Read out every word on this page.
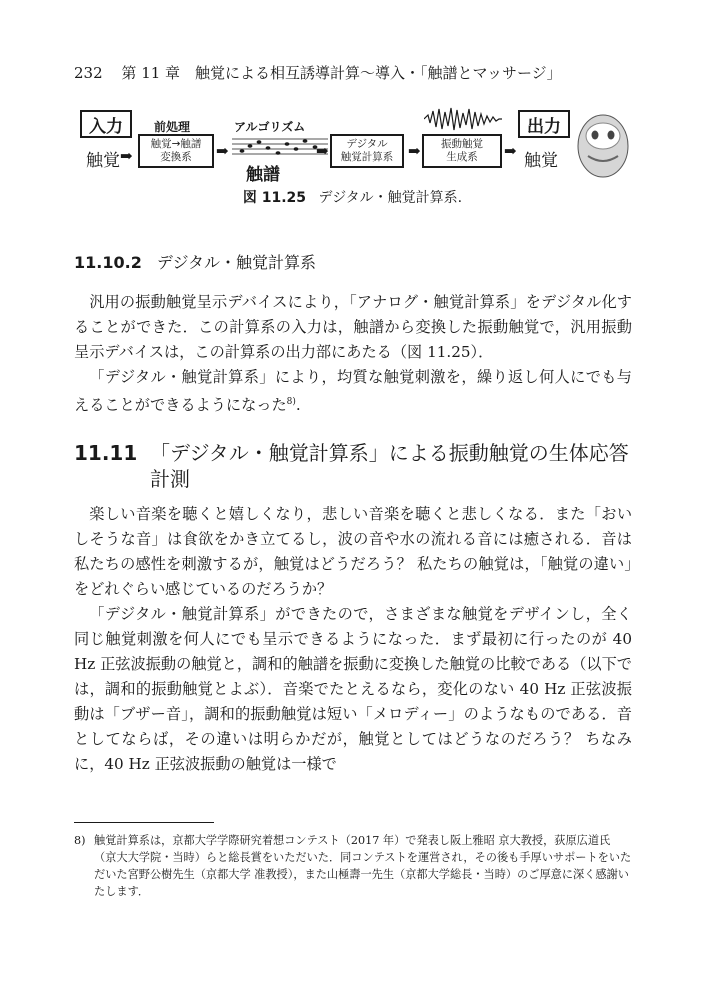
232 第 11 章　触覚による相互誘導計算～導入・「触譜とマッサージ」
入力
触覚 ➡
前処理
触覚→触譜
変換系	➡
アルゴリズム
触譜
➡	デジタル
触覚計算系 ➡ 振動触覚
生成系	➡
出力
触覚
図 11.25 デジタル・触覚計算系.
11.10.2 デジタル・触覚計算系

汎用の振動触覚呈示デバイスにより，「アナログ・触覚計算系」をデジタル化することができた．この計算系の入力は，触譜から変換した振動触覚で，汎用振動呈示デバイスは，この計算系の出力部にあたる（図 11.25）．

「デジタル・触覚計算系」により，均質な触覚刺激を，繰り返し何人にでも与えることができるようになった$^{8)}$.

11.11 「デジタル・触覚計算系」による振動触覚の生体応答計測

楽しい音楽を聴くと嬉しくなり，悲しい音楽を聴くと悲しくなる．また「おいしそうな音」は食欲をかき立てるし，波の音や水の流れる音には癒される．音は私たちの感性を刺激するが，触覚はどうだろう？ 私たちの触覚は，「触覚の違い」をどれぐらい感じているのだろうか？

「デジタル・触覚計算系」ができたので，さまざまな触覚をデザインし，全く同じ触覚刺激を何人にでも呈示できるようになった．まず最初に行ったのが 40 Hz 正弦波振動の触覚と，調和的触譜を振動に変換した触覚の比較である（以下では，調和的振動触覚とよぶ）．音楽でたとえるなら，変化のない 40 Hz 正弦波振動は「ブザー音」，調和的振動触覚は短い「メロディー」のようなものである．音としてならば，その違いは明らかだが，触覚としてはどうなのだろう？ ちなみに，40 Hz 正弦波振動の触覚は一様で

8) 触覚計算系は，京都大学学際研究着想コンテスト（2017 年）で発表し阪上雅昭 京大教授，荻原広道氏（京大大学院・当時）らと総長賞をいただいた．同コンテストを運営され，その後も手厚いサポートをいただいた宮野公樹先生（京都大学 准教授），また山極壽一先生（京都大学総長・当時）のご厚意に深く感謝いたします．
